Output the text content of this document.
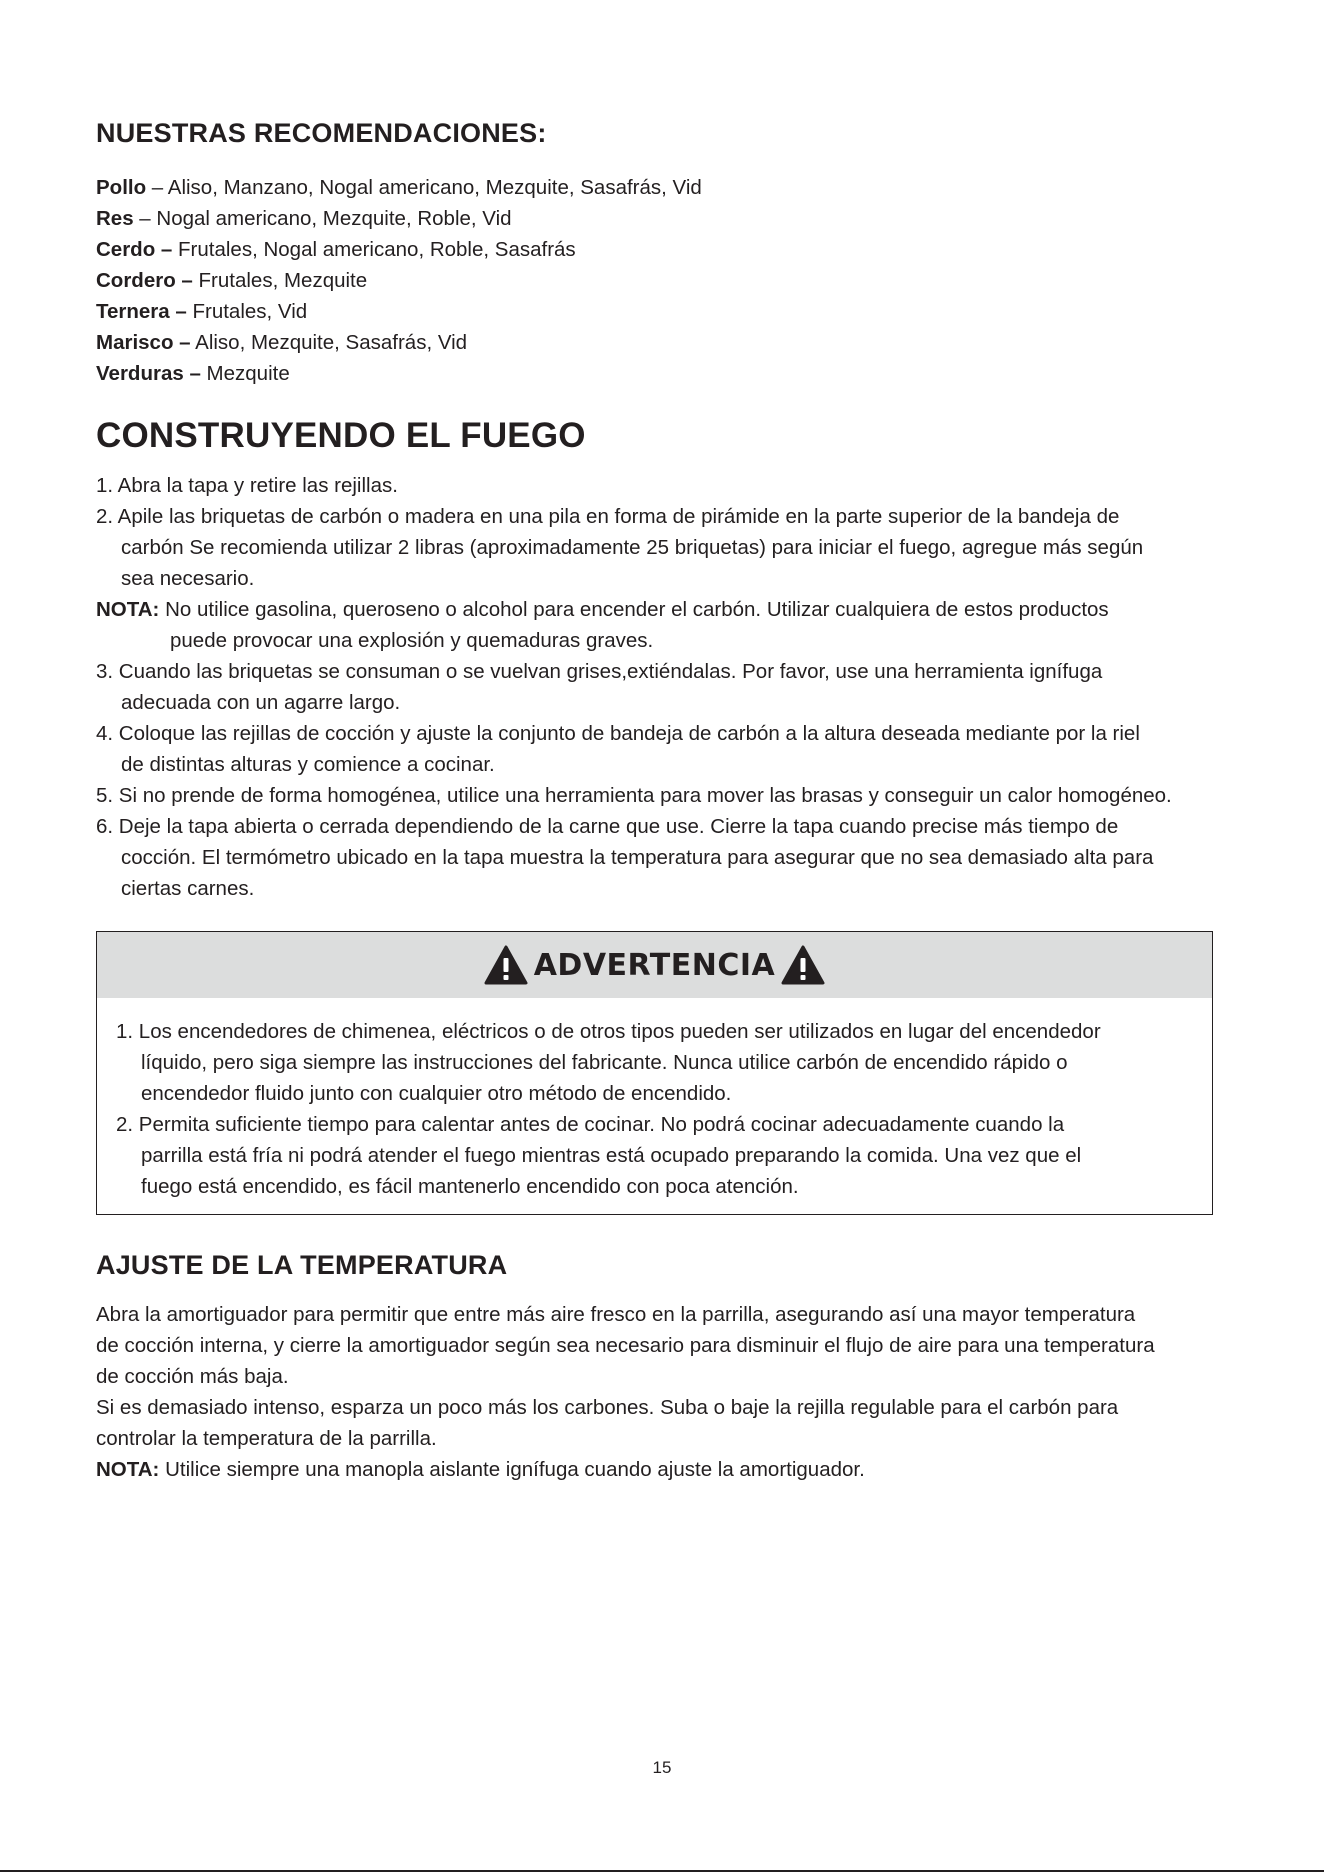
NUESTRAS RECOMENDACIONES:
Pollo – Aliso, Manzano, Nogal americano, Mezquite, Sasafrás, Vid
Res – Nogal americano, Mezquite, Roble, Vid
Cerdo – Frutales, Nogal americano, Roble, Sasafrás
Cordero – Frutales, Mezquite
Ternera – Frutales, Vid
Marisco – Aliso, Mezquite, Sasafrás, Vid
Verduras – Mezquite
CONSTRUYENDO EL FUEGO
1. Abra la tapa y retire las rejillas.
2. Apile las briquetas de carbón o madera en una pila en forma de pirámide en la parte superior de la bandeja de
carbón Se recomienda utilizar 2 libras (aproximadamente 25 briquetas) para iniciar el fuego, agregue más según
sea necesario.
NOTA: No utilice gasolina, queroseno o alcohol para encender el carbón. Utilizar cualquiera de estos productos
puede provocar una explosión y quemaduras graves.
3. Cuando las briquetas se consuman o se vuelvan grises,extiéndalas. Por favor, use una herramienta ignífuga
adecuada con un agarre largo.
4. Coloque las rejillas de cocción y ajuste la conjunto de bandeja de carbón a la altura deseada mediante por la riel
de distintas alturas y comience a cocinar.
5. Si no prende de forma homogénea, utilice una herramienta para mover las brasas y conseguir un calor homogéneo.
6. Deje la tapa abierta o cerrada dependiendo de la carne que use. Cierre la tapa cuando precise más tiempo de
cocción. El termómetro ubicado en la tapa muestra la temperatura para asegurar que no sea demasiado alta para
ciertas carnes.
ADVERTENCIA
1. Los encendedores de chimenea, eléctricos o de otros tipos pueden ser utilizados en lugar del encendedor
líquido, pero siga siempre las instrucciones del fabricante. Nunca utilice carbón de encendido rápido o
encendedor fluido junto con cualquier otro método de encendido.
2. Permita suficiente tiempo para calentar antes de cocinar. No podrá cocinar adecuadamente cuando la
parrilla está fría ni podrá atender el fuego mientras está ocupado preparando la comida. Una vez que el
fuego está encendido, es fácil mantenerlo encendido con poca atención.
AJUSTE DE LA TEMPERATURA
Abra la amortiguador para permitir que entre más aire fresco en la parrilla, asegurando así una mayor temperatura
de cocción interna, y cierre la amortiguador según sea necesario para disminuir el flujo de aire para una temperatura
de cocción más baja.
Si es demasiado intenso, esparza un poco más los carbones. Suba o baje la rejilla regulable para el carbón para
controlar la temperatura de la parrilla.
NOTA: Utilice siempre una manopla aislante ignífuga cuando ajuste la amortiguador.
15
